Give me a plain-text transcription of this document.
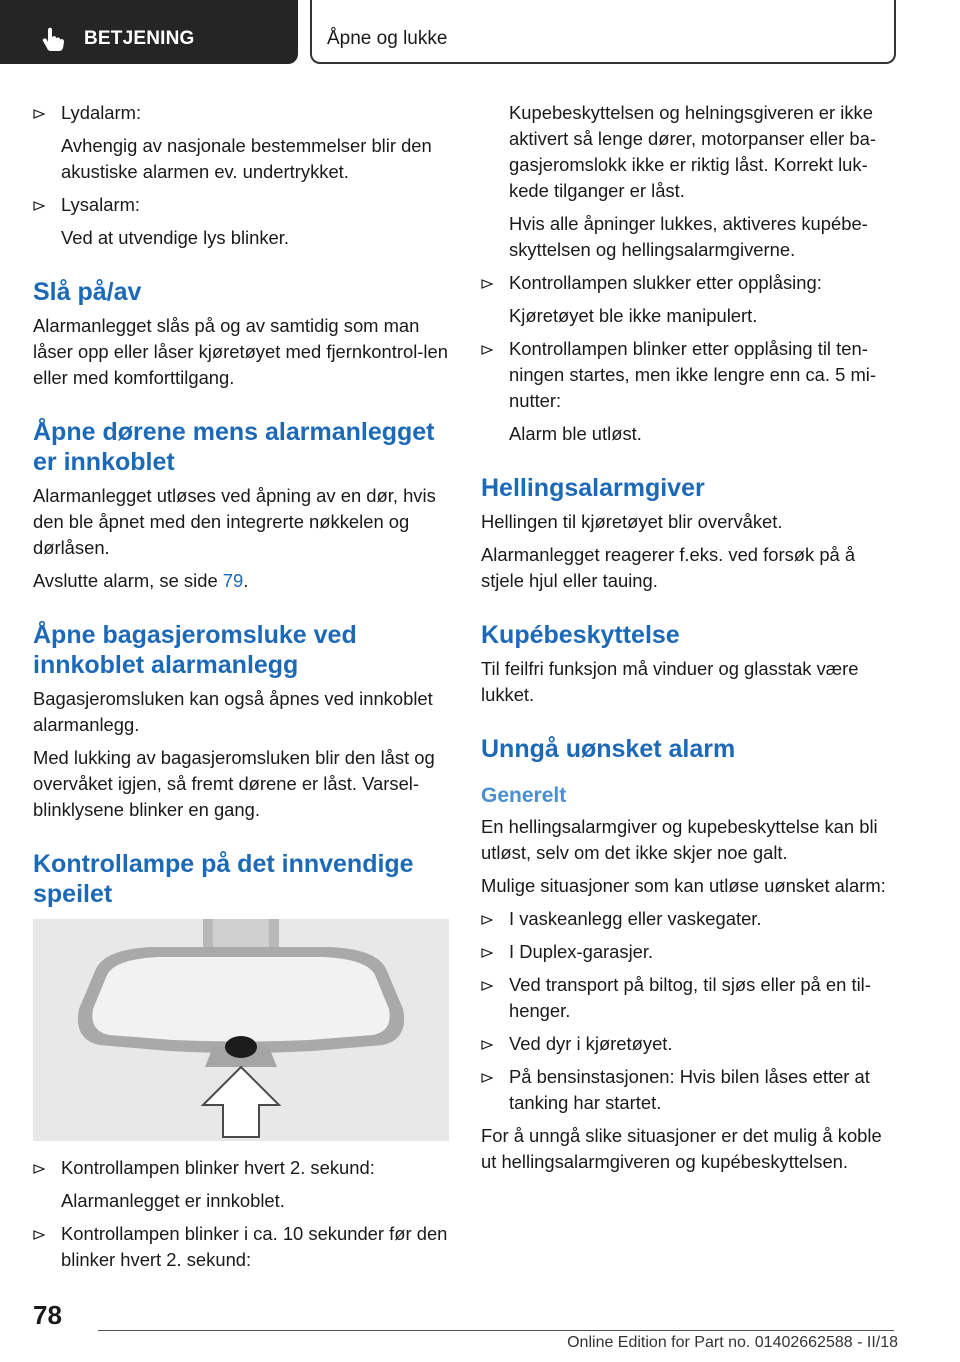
BETJENING	Åpne og lukke
Lydalarm:
Avhengig av nasjonale bestemmelser blir den akustiske alarmen ev. undertrykket.
Lysalarm:
Ved at utvendige lys blinker.
Slå på/av

Alarmanlegget slås på og av samtidig som man låser opp eller låser kjøretøyet med fjernkontrol-len eller med komforttilgang.

Åpne dørene mens alarmanlegget er innkoblet

Alarmanlegget utløses ved åpning av en dør, hvis den ble åpnet med den integrerte nøkkelen og dørlåsen.

Avslutte alarm, se side 79.

Åpne bagasjeromsluke ved innkoblet alarmanlegg

Bagasjeromsluken kan også åpnes ved innkoblet alarmanlegg.

Med lukking av bagasjeromsluken blir den låst og overvåket igjen, så fremt dørene er låst. Varsel-blinklysene blinker en gang.

Kontrollampe på det innvendige speilet
Kontrollampen blinker hvert 2. sekund:
Alarmanlegget er innkoblet.
Kontrollampen blinker i ca. 10 sekunder før den blinker hvert 2. sekund:

Kupebeskyttelsen og helningsgiveren er ikke aktivert så lenge dører, motorpanser eller ba-gasjeromslokk ikke er riktig låst. Korrekt luk-kede tilganger er låst.

Hvis alle åpninger lukkes, aktiveres kupébe-skyttelsen og hellingsalarmgiverne.

Kontrollampen slukker etter opplåsing:
Kjøretøyet ble ikke manipulert.
Kontrollampen blinker etter opplåsing til ten-ningen startes, men ikke lengre enn ca. 5 mi-nutter:
Alarm ble utløst.
Hellingsalarmgiver

Hellingen til kjøretøyet blir overvåket.

Alarmanlegget reagerer f.eks. ved forsøk på å stjele hjul eller tauing.

Kupébeskyttelse

Til feilfri funksjon må vinduer og glasstak være lukket.

Unngå uønsket alarm
Generelt

En hellingsalarmgiver og kupebeskyttelse kan bli utløst, selv om det ikke skjer noe galt.

Mulige situasjoner som kan utløse uønsket alarm:

I vaskeanlegg eller vaskegater.
I Duplex-garasjer.
Ved transport på biltog, til sjøs eller på en til-henger.
Ved dyr i kjøretøyet.
På bensinstasjonen: Hvis bilen låses etter at tanking har startet.

For å unngå slike situasjoner er det mulig å koble ut hellingsalarmgiveren og kupébeskyttelsen.

78
Online Edition for Part no. 01402662588 - II/18
